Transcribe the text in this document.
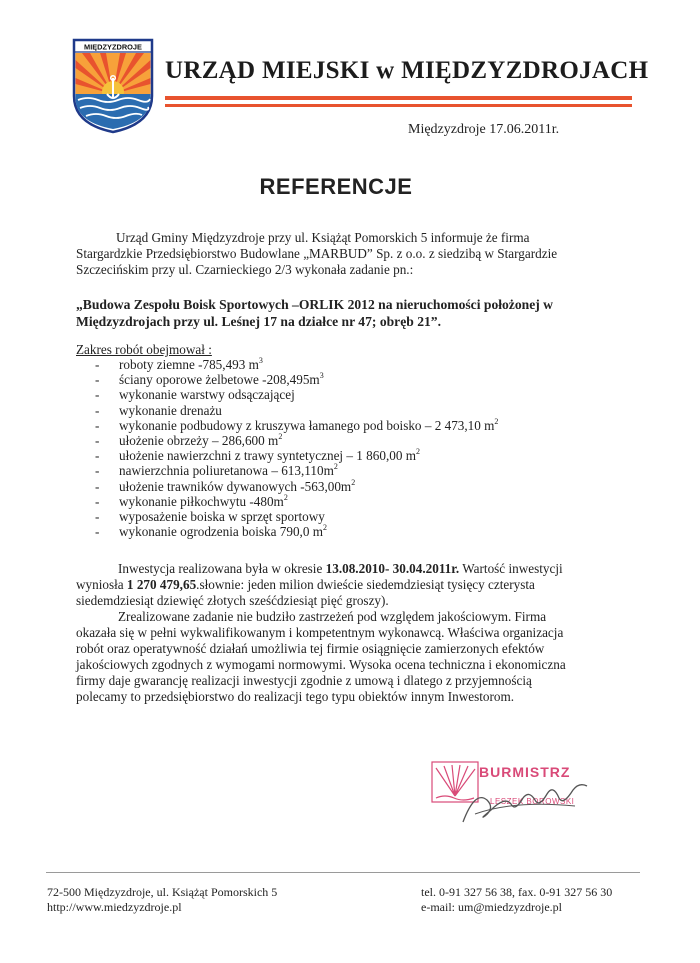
MIĘDZYZDROJE
URZĄD MIEJSKI w MIĘDZYZDROJACH
Międzyzdroje 17.06.2011r.
REFERENCJE

Urząd Gminy Międzyzdroje przy ul. Książąt Pomorskich 5 informuje że firma

Stargardzkie Przedsiębiorstwo Budowlane „MARBUD” Sp. z o.o. z siedzibą w Stargardzie

Szczecińskim przy ul. Czarnieckiego 2/3 wykonała zadanie pn.:

„Budowa Zespołu Boisk Sportowych –ORLIK 2012 na nieruchomości położonej w
Międzyzdrojach przy ul. Leśnej 17 na działce nr 47; obręb 21”.
Zakres robót obejmował :
- roboty ziemne -785,493 $m^3$
- ściany oporowe żelbetowe $-208,495m^3$
- wykonanie warstwy odsączającej
- wykonanie drenażu
- wykonanie podbudowy z kruszywa łamanego pod boisko – 2 473,10 $m^2$
- ułożenie obrzeży – 286,600 $m^2$
- ułożenie nawierzchni z trawy syntetycznej – 1 860,00 $m^2$
- nawierzchnia poliuretanowa – $613,110m^2$
- ułożenie trawników dywanowych $-563,00m^2$
- wykonanie piłkochwytu $-480m^2$
- wyposażenie boiska w sprzęt sportowy
- wykonanie ogrodzenia boiska 790,0 $m^2$

Inwestycja realizowana była w okresie 13.08.2010- 30.04.2011r. Wartość inwestycji

wyniosła 1 270 479,65.słownie: jeden milion dwieście siedemdziesiąt tysięcy czterysta

siedemdziesiąt dziewięć złotych sześćdziesiąt pięć groszy).

Zrealizowane zadanie nie budziło zastrzeżeń pod względem jakościowym. Firma

okazała się w pełni wykwalifikowanym i kompetentnym wykonawcą. Właściwa organizacja

robót oraz operatywność działań umożliwia tej firmie osiągnięcie zamierzonych efektów

jakościowych zgodnych z wymogami normowymi. Wysoka ocena techniczna i ekonomiczna

firmy daje gwarancję realizacji inwestycji zgodnie z umową i dlatego z przyjemnością

polecamy to przedsiębiorstwo do realizacji tego typu obiektów innym Inwestorom.

BURMISTRZ
LESZEK BOROWSKI
72-500 Międzyzdroje, ul. Książąt Pomorskich 5
http://www.miedzyzdroje.pl
tel. 0-91 327 56 38, fax. 0-91 327 56 30
e-mail: um@miedzyzdroje.pl
